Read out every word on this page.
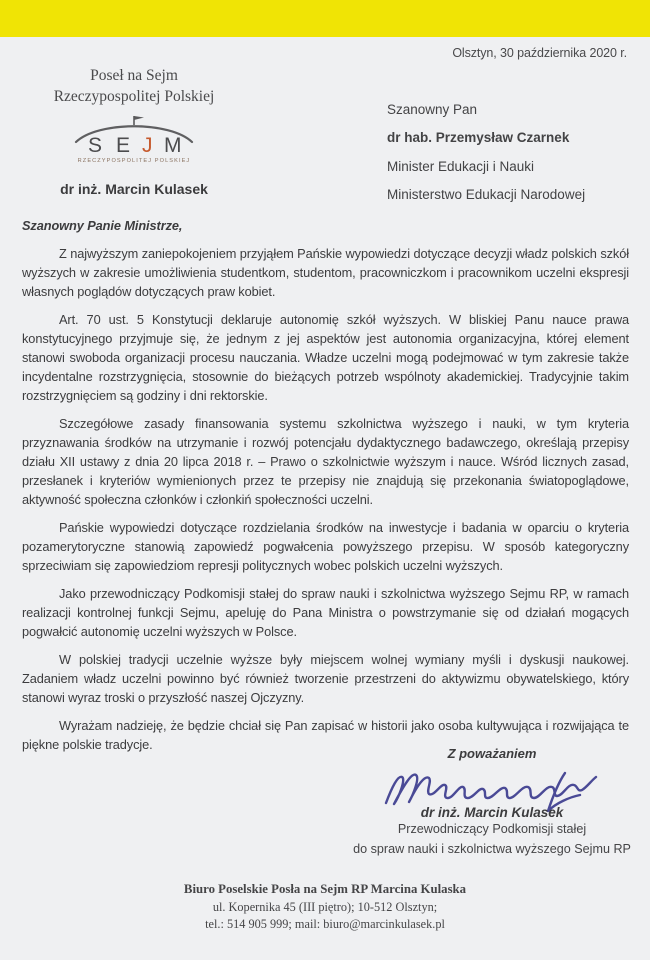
Olsztyn, 30 października 2020 r.
Poseł na Sejm
Rzeczypospolitej Polskiej
S E J M
RZECZYPOSPOLITEJ POLSKIEJ
dr inż. Marcin Kulasek
Szanowny Pan
dr hab. Przemysław Czarnek
Minister Edukacji i Nauki
Ministerstwo Edukacji Narodowej
Szanowny Panie Ministrze,

Z najwyższym zaniepokojeniem przyjąłem Pańskie wypowiedzi dotyczące decyzji władz polskich szkół wyższych w zakresie umożliwienia studentkom, studentom, pracowniczkom i pracownikom uczelni ekspresji własnych poglądów dotyczących praw kobiet.

Art. 70 ust. 5 Konstytucji deklaruje autonomię szkół wyższych. W bliskiej Panu nauce prawa konstytucyjnego przyjmuje się, że jednym z jej aspektów jest autonomia organizacyjna, której element stanowi swoboda organizacji procesu nauczania. Władze uczelni mogą podejmować w tym zakresie także incydentalne rozstrzygnięcia, stosownie do bieżących potrzeb wspólnoty akademickiej. Tradycyjnie takim rozstrzygnięciem są godziny i dni rektorskie.

Szczegółowe zasady finansowania systemu szkolnictwa wyższego i nauki, w tym kryteria przyznawania środków na utrzymanie i rozwój potencjału dydaktycznego badawczego, określają przepisy działu XII ustawy z dnia 20 lipca 2018 r. – Prawo o szkolnictwie wyższym i nauce. Wśród licznych zasad, przesłanek i kryteriów wymienionych przez te przepisy nie znajdują się przekonania światopoglądowe, aktywność społeczna członków i członkiń społeczności uczelni.

Pańskie wypowiedzi dotyczące rozdzielania środków na inwestycje i badania w oparciu o kryteria pozamerytoryczne stanowią zapowiedź pogwałcenia powyższego przepisu. W sposób kategoryczny sprzeciwiam się zapowiedziom represji politycznych wobec polskich uczelni wyższych.

Jako przewodniczący Podkomisji stałej do spraw nauki i szkolnictwa wyższego Sejmu RP, w ramach realizacji kontrolnej funkcji Sejmu, apeluję do Pana Ministra o powstrzymanie się od działań mogących pogwałcić autonomię uczelni wyższych w Polsce.

W polskiej tradycji uczelnie wyższe były miejscem wolnej wymiany myśli i dyskusji naukowej. Zadaniem władz uczelni powinno być również tworzenie przestrzeni do aktywizmu obywatelskiego, który stanowi wyraz troski o przyszłość naszej Ojczyzny.

Wyrażam nadzieję, że będzie chciał się Pan zapisać w historii jako osoba kultywująca i rozwijająca te piękne polskie tradycje.

Z poważaniem
dr inż. Marcin Kulasek
Przewodniczący Podkomisji stałej
do spraw nauki i szkolnictwa wyższego Sejmu RP
Biuro Poselskie Posła na Sejm RP Marcina Kulaska
ul. Kopernika 45 (III piętro); 10-512 Olsztyn;
tel.: 514 905 999; mail: biuro@marcinkulasek.pl
